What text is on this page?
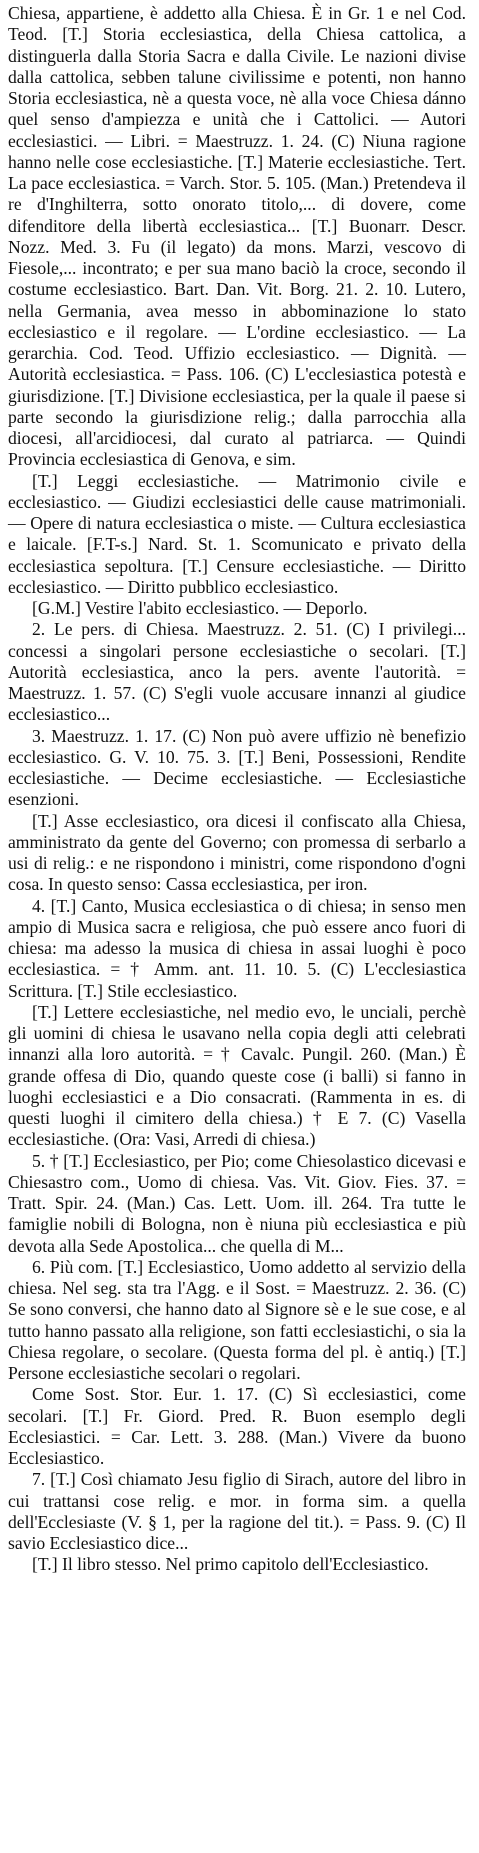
Chiesa, appartiene, è addetto alla Chiesa. È in Gr. 1 e nel Cod. Teod. [T.] Storia ecclesiastica, della Chiesa cattolica, a distinguerla dalla Storia Sacra e dalla Civile. Le nazioni divise dalla cattolica, sebben talune civilissime e potenti, non hanno Storia ecclesiastica, nè a questa voce, nè alla voce Chiesa dánno quel senso d'ampiezza e unità che i Cattolici. — Autori ecclesiastici. — Libri. = Maestruzz. 1. 24. (C) Niuna ragione hanno nelle cose ecclesiastiche. [T.] Materie ecclesiastiche. Tert. La pace ecclesiastica. = Varch. Stor. 5. 105. (Man.) Pretendeva il re d'Inghilterra, sotto onorato titolo,... di dovere, come difenditore della libertà ecclesiastica... [T.] Buonarr. Descr. Nozz. Med. 3. Fu (il legato) da mons. Marzi, vescovo di Fiesole,... incontrato; e per sua mano baciò la croce, secondo il costume ecclesiastico. Bart. Dan. Vit. Borg. 21. 2. 10. Lutero, nella Germania, avea messo in abbominazione lo stato ecclesiastico e il regolare. — L'ordine ecclesiastico. — La gerarchia. Cod. Teod. Uffizio ecclesiastico. — Dignità. — Autorità ecclesiastica. = Pass. 106. (C) L'ecclesiastica potestà e giurisdizione. [T.] Divisione ecclesiastica, per la quale il paese si parte secondo la giurisdizione relig.; dalla parrocchia alla diocesi, all'arcidiocesi, dal curato al patriarca. — Quindi Provincia ecclesiastica di Genova, e sim.

[T.] Leggi ecclesiastiche. — Matrimonio civile e ecclesiastico. — Giudizi ecclesiastici delle cause matrimoniali. — Opere di natura ecclesiastica o miste. — Cultura ecclesiastica e laicale. [F.T-s.] Nard. St. 1. Scomunicato e privato della ecclesiastica sepoltura. [T.] Censure ecclesiastiche. — Diritto ecclesiastico. — Diritto pubblico ecclesiastico.

[G.M.] Vestire l'abito ecclesiastico. — Deporlo.

2. Le pers. di Chiesa. Maestruzz. 2. 51. (C) I privilegi... concessi a singolari persone ecclesiastiche o secolari. [T.] Autorità ecclesiastica, anco la pers. avente l'autorità. = Maestruzz. 1. 57. (C) S'egli vuole accusare innanzi al giudice ecclesiastico...

3. Maestruzz. 1. 17. (C) Non può avere uffizio nè benefizio ecclesiastico. G. V. 10. 75. 3. [T.] Beni, Possessioni, Rendite ecclesiastiche. — Decime ecclesiastiche. — Ecclesiastiche esenzioni.

[T.] Asse ecclesiastico, ora dicesi il confiscato alla Chiesa, amministrato da gente del Governo; con promessa di serbarlo a usi di relig.: e ne rispondono i ministri, come rispondono d'ogni cosa. In questo senso: Cassa ecclesiastica, per iron.

4. [T.] Canto, Musica ecclesiastica o di chiesa; in senso men ampio di Musica sacra e religiosa, che può essere anco fuori di chiesa: ma adesso la musica di chiesa in assai luoghi è poco ecclesiastica. = † Amm. ant. 11. 10. 5. (C) L'ecclesiastica Scrittura. [T.] Stile ecclesiastico.

[T.] Lettere ecclesiastiche, nel medio evo, le unciali, perchè gli uomini di chiesa le usavano nella copia degli atti celebrati innanzi alla loro autorità. = † Cavalc. Pungil. 260. (Man.) È grande offesa di Dio, quando queste cose (i balli) si fanno in luoghi ecclesiastici e a Dio consacrati. (Rammenta in es. di questi luoghi il cimitero della chiesa.) † E 7. (C) Vasella ecclesiastiche. (Ora: Vasi, Arredi di chiesa.)

5. † [T.] Ecclesiastico, per Pio; come Chiesolastico dicevasi e Chiesastro com., Uomo di chiesa. Vas. Vit. Giov. Fies. 37. = Tratt. Spir. 24. (Man.) Cas. Lett. Uom. ill. 264. Tra tutte le famiglie nobili di Bologna, non è niuna più ecclesiastica e più devota alla Sede Apostolica... che quella di M...

6. Più com. [T.] Ecclesiastico, Uomo addetto al servizio della chiesa. Nel seg. sta tra l'Agg. e il Sost. = Maestruzz. 2. 36. (C) Se sono conversi, che hanno dato al Signore sè e le sue cose, e al tutto hanno passato alla religione, son fatti ecclesiastichi, o sia la Chiesa regolare, o secolare. (Questa forma del pl. è antiq.) [T.] Persone ecclesiastiche secolari o regolari.

Come Sost. Stor. Eur. 1. 17. (C) Sì ecclesiastici, come secolari. [T.] Fr. Giord. Pred. R. Buon esemplo degli Ecclesiastici. = Car. Lett. 3. 288. (Man.) Vivere da buono Ecclesiastico.

7. [T.] Così chiamato Jesu figlio di Sirach, autore del libro in cui trattansi cose relig. e mor. in forma sim. a quella dell'Ecclesiaste (V. § 1, per la ragione del tit.). = Pass. 9. (C) Il savio Ecclesiastico dice...

[T.] Il libro stesso. Nel primo capitolo dell'Ecclesiastico.
